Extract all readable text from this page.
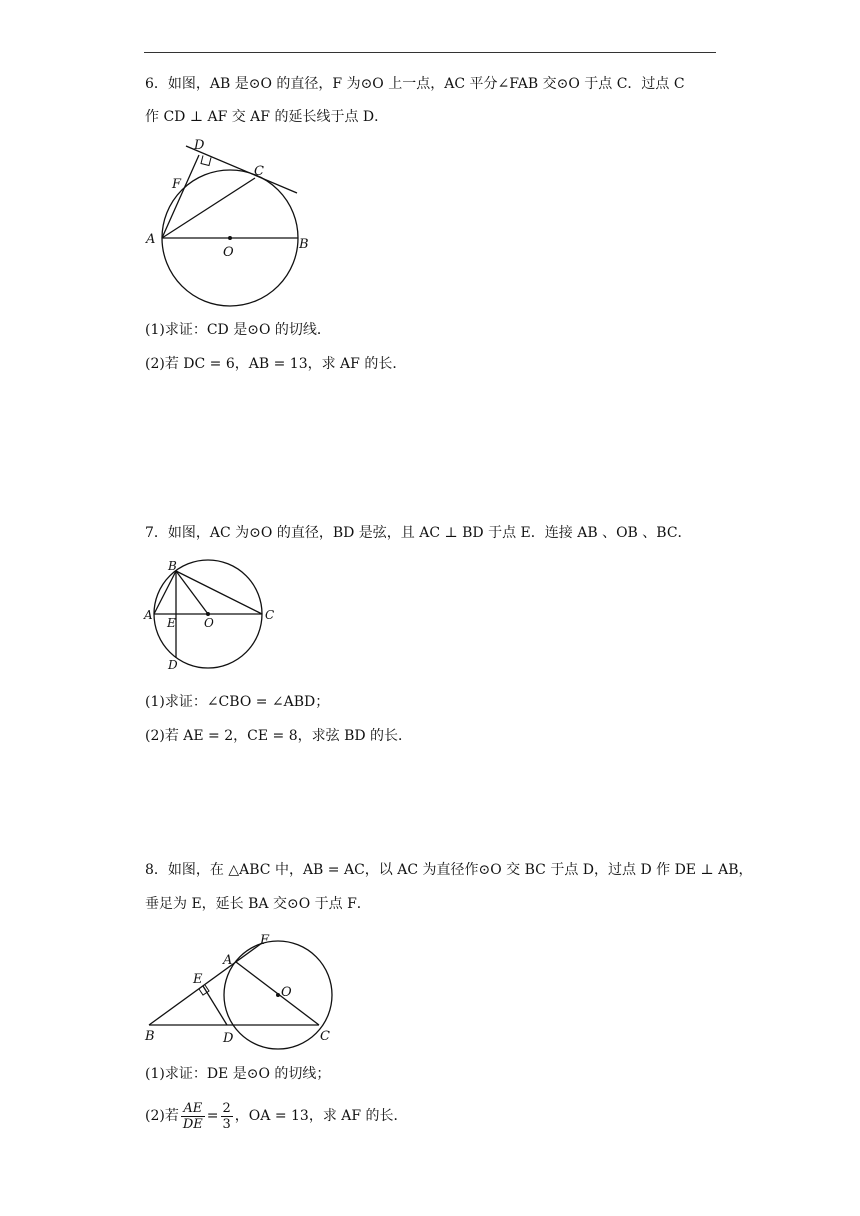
6．如图，AB 是⊙O 的直径，F 为⊙O 上一点，AC 平分∠FAB 交⊙O 于点 C．过点 C
作 CD ⊥ AF 交 AF 的延长线于点 D．
A	B
C
D
F
O
(1)求证：CD 是⊙O 的切线．
(2)若 DC = 6，AB = 13，求 AF 的长．
7．如图，AC 为⊙O 的直径，BD 是弦，且 AC ⊥ BD 于点 E．连接 AB 、OB 、BC．
A
B
C
D
E O
(1)求证：∠CBO = ∠ABD；
(2)若 AE = 2，CE = 8，求弦 BD 的长．
8．如图，在 △ABC 中，AB = AC，以 AC 为直径作⊙O 交 BC 于点 D，过点 D 作 DE ⊥ AB，
垂足为 E，延长 BA 交⊙O 于点 F．
B
A
F
E
D	C
O
(1)求证：DE 是⊙O 的切线；
(2)若 $\frac{AE}{DE} = \frac{2}{3}$ ，OA = 13，求 AF 的长．
